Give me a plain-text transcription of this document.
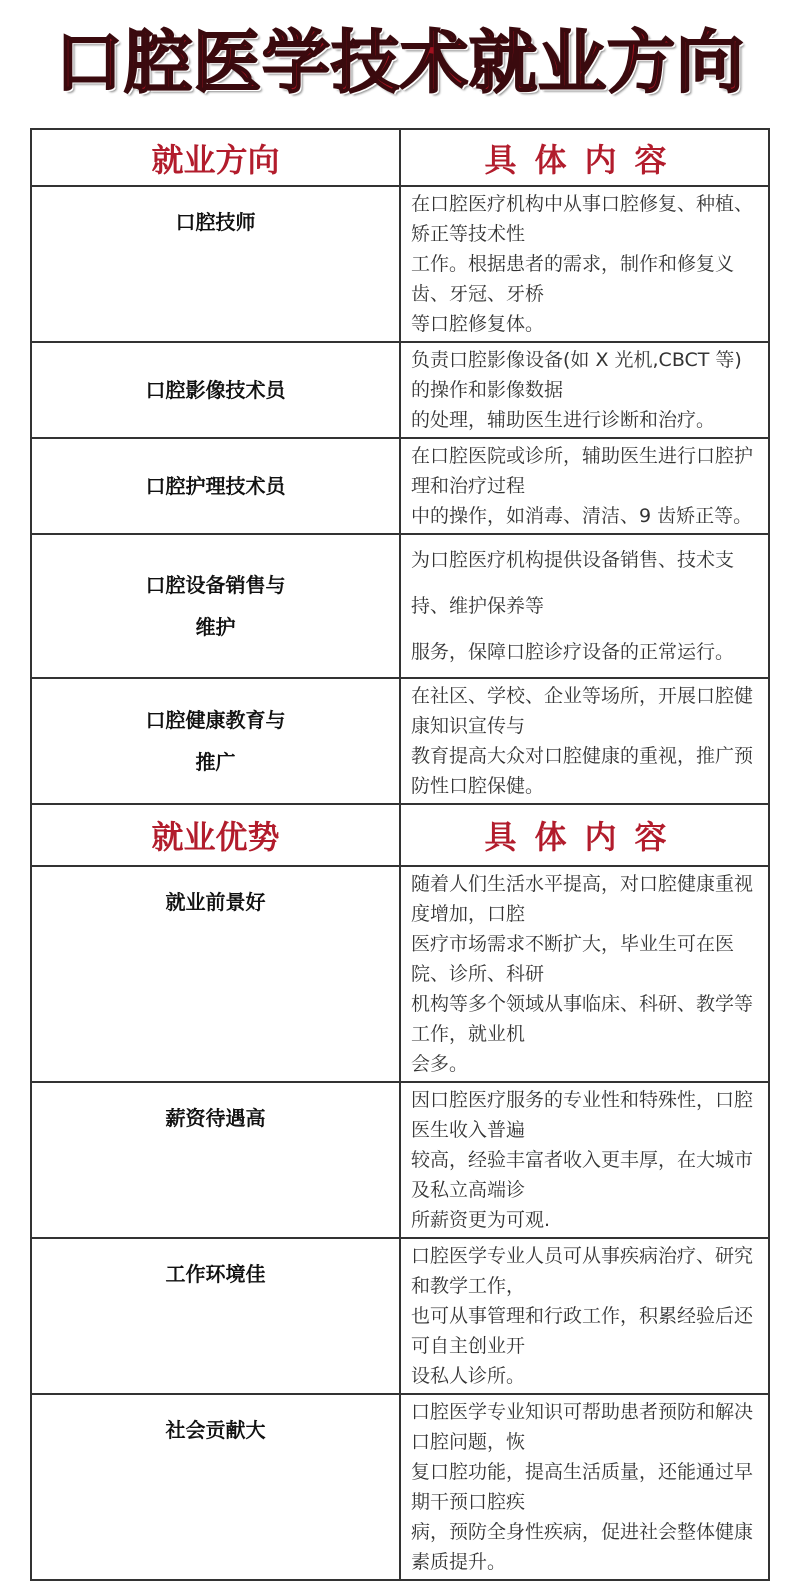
口腔医学技术就业方向
就业方向	具体内容

口腔技师	在口腔医疗机构中从事口腔修复、种植、矫正等技术性
工作。根据患者的需求，制作和修复义齿、牙冠、牙桥
等口腔修复体。

口腔影像技术员	负责口腔影像设备(如 X 光机,CBCT 等)的操作和影像数据
的处理，辅助医生进行诊断和治疗。

口腔护理技术员	在口腔医院或诊所，辅助医生进行口腔护理和治疗过程
中的操作，如消毒、清洁、9 齿矫正等。

口腔设备销售与
维护	为口腔医疗机构提供设备销售、技术支持、维护保养等
服务，保障口腔诊疗设备的正常运行。

口腔健康教育与
推广	在社区、学校、企业等场所，开展口腔健康知识宣传与
教育提高大众对口腔健康的重视，推广预防性口腔保健。

就业优势	具体内容

就业前景好	随着人们生活水平提高，对口腔健康重视度增加，口腔
医疗市场需求不断扩大，毕业生可在医院、诊所、科研
机构等多个领域从事临床、科研、教学等工作，就业机
会多。

薪资待遇高	因口腔医疗服务的专业性和特殊性，口腔医生收入普遍
较高，经验丰富者收入更丰厚，在大城市及私立高端诊
所薪资更为可观.

工作环境佳	口腔医学专业人员可从事疾病治疗、研究和教学工作，
也可从事管理和行政工作，积累经验后还可自主创业开
设私人诊所。

社会贡献大	口腔医学专业知识可帮助患者预防和解决口腔问题，恢
复口腔功能，提高生活质量，还能通过早期干预口腔疾
病，预防全身性疾病，促进社会整体健康素质提升。
